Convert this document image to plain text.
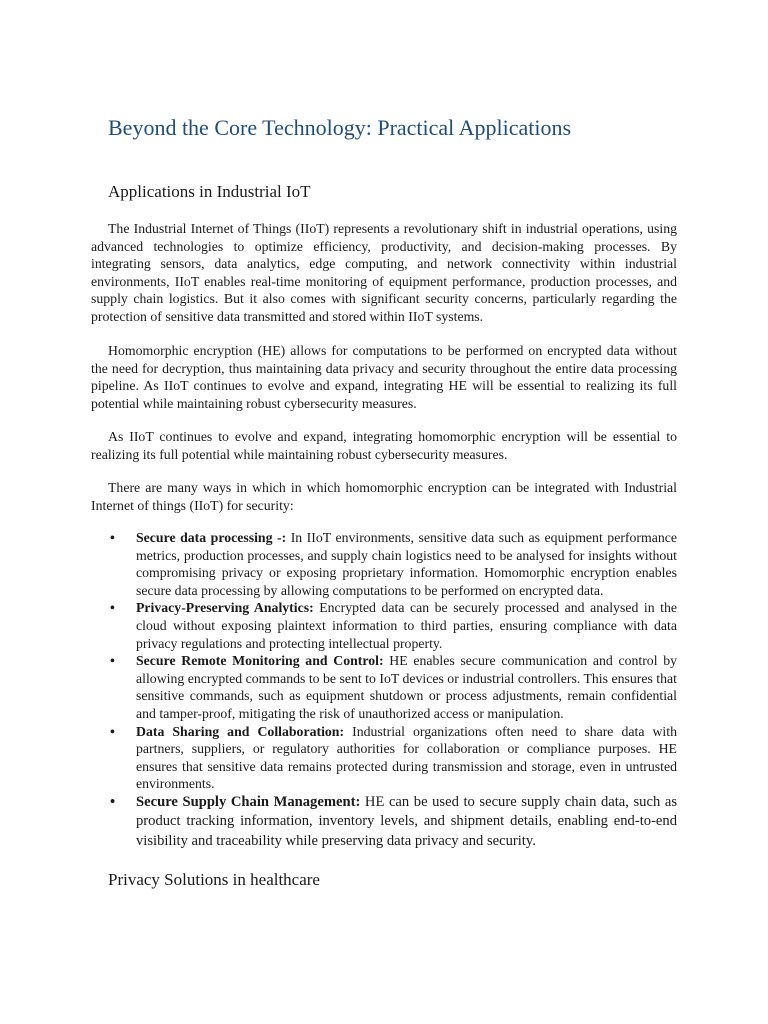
Beyond the Core Technology: Practical Applications
Applications in Industrial IoT

The Industrial Internet of Things (IIoT) represents a revolutionary shift in industrial operations, using advanced technologies to optimize efficiency, productivity, and decision-making processes. By integrating sensors, data analytics, edge computing, and network connectivity within industrial environments, IIoT enables real-time monitoring of equipment performance, production processes, and supply chain logistics. But it also comes with significant security concerns, particularly regarding the protection of sensitive data transmitted and stored within IIoT systems.

Homomorphic encryption (HE) allows for computations to be performed on encrypted data without the need for decryption, thus maintaining data privacy and security throughout the entire data processing pipeline. As IIoT continues to evolve and expand, integrating HE will be essential to realizing its full potential while maintaining robust cybersecurity measures.

As IIoT continues to evolve and expand, integrating homomorphic encryption will be essential to realizing its full potential while maintaining robust cybersecurity measures.

There are many ways in which in which homomorphic encryption can be integrated with Industrial Internet of things (IIoT) for security:

• Secure data processing -: In IIoT environments, sensitive data such as equipment performance metrics, production processes, and supply chain logistics need to be analysed for insights without compromising privacy or exposing proprietary information. Homomorphic encryption enables secure data processing by allowing computations to be performed on encrypted data.
• Privacy-Preserving Analytics: Encrypted data can be securely processed and analysed in the cloud without exposing plaintext information to third parties, ensuring compliance with data privacy regulations and protecting intellectual property.
• Secure Remote Monitoring and Control: HE enables secure communication and control by allowing encrypted commands to be sent to IoT devices or industrial controllers. This ensures that sensitive commands, such as equipment shutdown or process adjustments, remain confidential and tamper-proof, mitigating the risk of unauthorized access or manipulation.
• Data Sharing and Collaboration: Industrial organizations often need to share data with partners, suppliers, or regulatory authorities for collaboration or compliance purposes. HE ensures that sensitive data remains protected during transmission and storage, even in untrusted environments.
• Secure Supply Chain Management: HE can be used to secure supply chain data, such as product tracking information, inventory levels, and shipment details, enabling end-to-end visibility and traceability while preserving data privacy and security.
Privacy Solutions in healthcare
